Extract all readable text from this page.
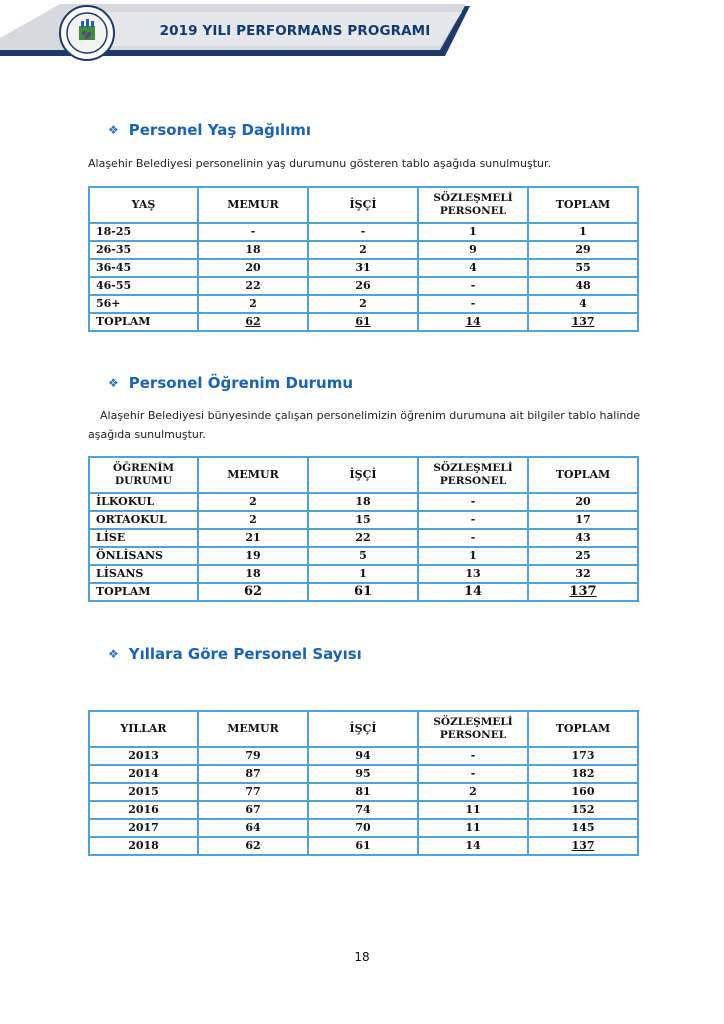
2019 YILI PERFORMANS PROGRAMI
❖ Personel Yaş Dağılımı
Alaşehir Belediyesi personelinin yaş durumunu gösteren tablo aşağıda sunulmuştur.
YAŞ	MEMUR	İŞÇİ	SÖZLEŞMELİ PERSONEL	TOPLAM
18-25	-	-	1	1
26-35	18	2	9	29
36-45	20	31	4	55
46-55	22	26	-	48
56+	2	2	-	4
TOPLAM	62	61	14	137
❖ Personel Öğrenim Durumu
Alaşehir Belediyesi bünyesinde çalışan personelimizin öğrenim durumuna ait bilgiler tablo halinde aşağıda sunulmuştur.
ÖĞRENİM DURUMU	MEMUR	İŞÇİ	SÖZLEŞMELİ PERSONEL	TOPLAM
İLKOKUL	2	18	-	20
ORTAOKUL	2	15	-	17
LİSE	21	22	-	43
ÖNLİSANS	19	5	1	25
LİSANS	18	1	13	32
TOPLAM	62	61	14	137
❖ Yıllara Göre Personel Sayısı
YILLAR	MEMUR	İŞÇİ	SÖZLEŞMELİ PERSONEL	TOPLAM
2013	79	94	-	173
2014	87	95	-	182
2015	77	81	2	160
2016	67	74	11	152
2017	64	70	11	145
2018	62	61	14	137
18
